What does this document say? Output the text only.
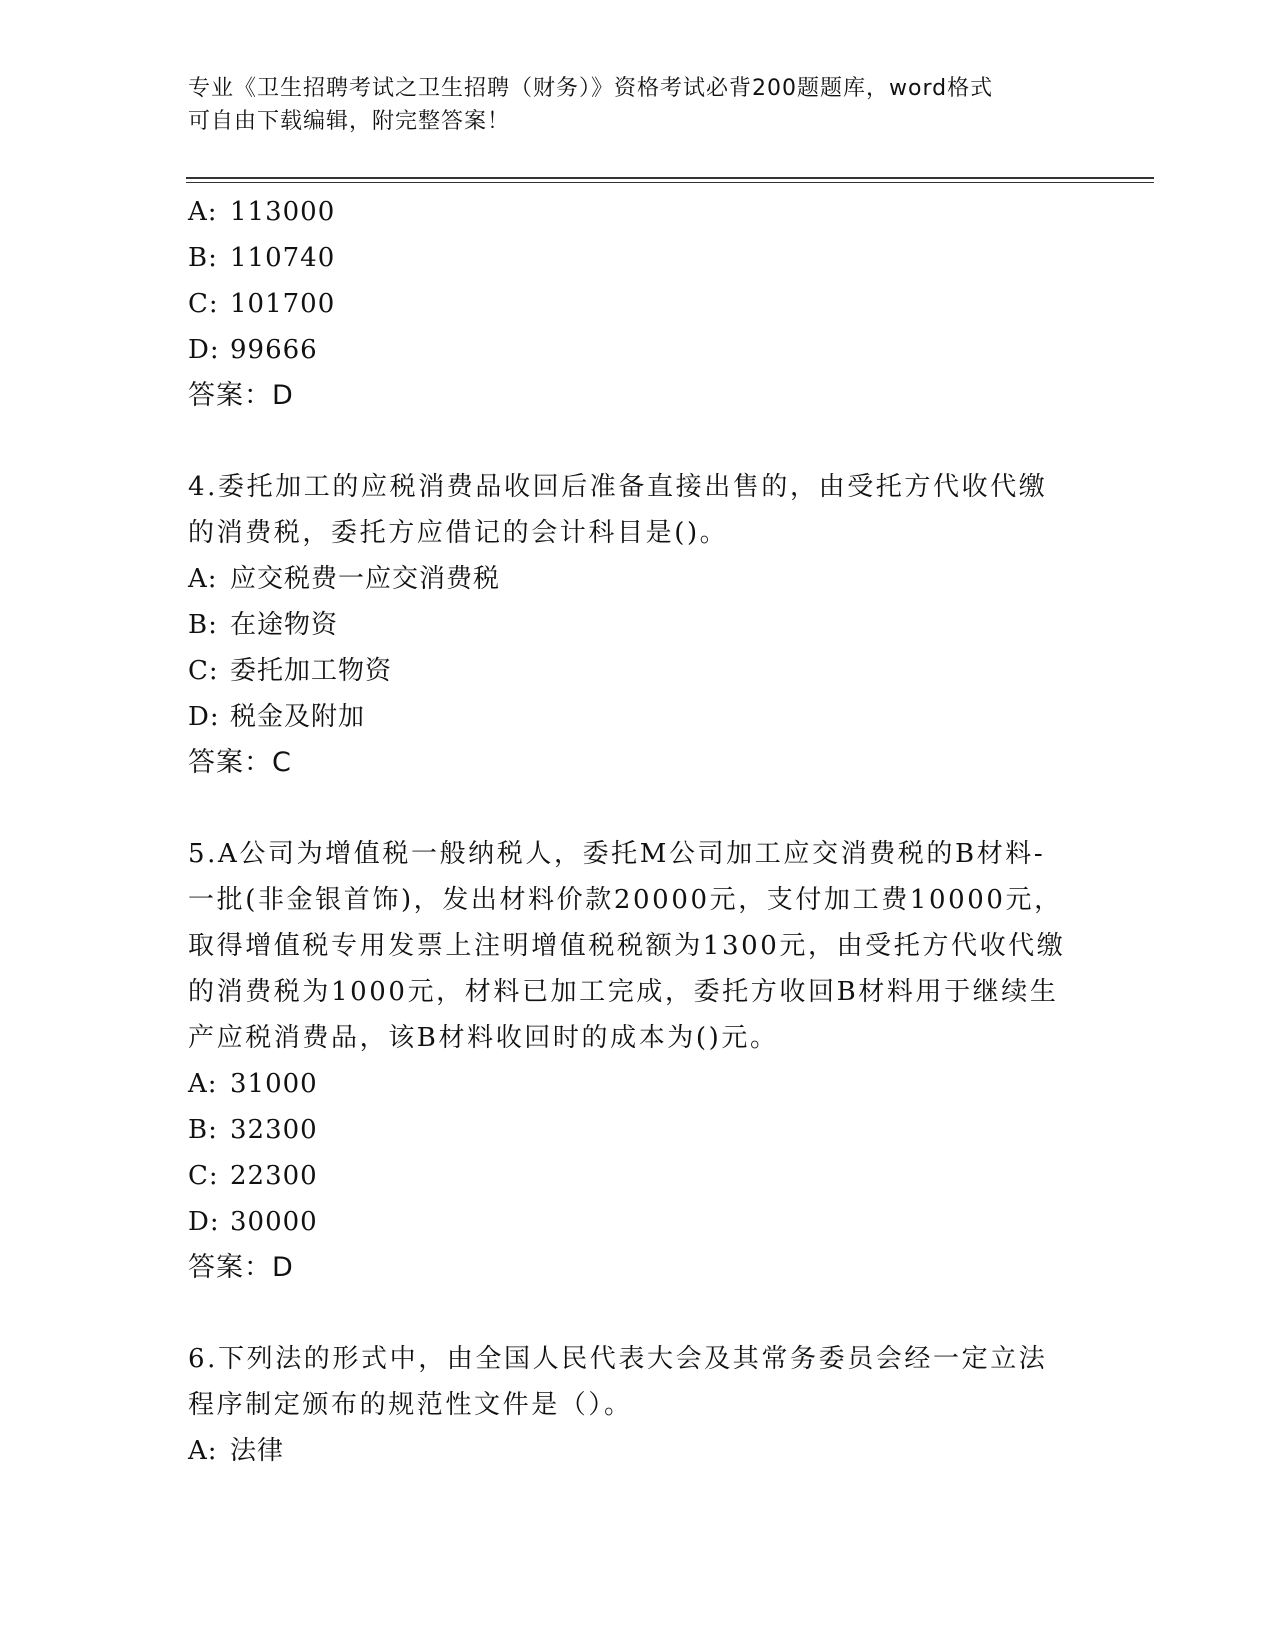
专业《卫生招聘考试之卫生招聘（财务）》资格考试必背200题题库，word格式
可自由下载编辑，附完整答案！
A: 113000
B: 110740
C: 101700
D: 99666
答案：D
4.委托加工的应税消费品收回后准备直接出售的，由受托方代收代缴
的消费税，委托方应借记的会计科目是()。
A: 应交税费一应交消费税
B: 在途物资
C: 委托加工物资
D: 税金及附加
答案：C
5.A公司为增值税一般纳税人，委托M公司加工应交消费税的B材料-
一批(非金银首饰)，发出材料价款20000元，支付加工费10000元，
取得增值税专用发票上注明增值税税额为1300元，由受托方代收代缴
的消费税为1000元，材料已加工完成，委托方收回B材料用于继续生
产应税消费品，该B材料收回时的成本为()元。
A: 31000
B: 32300
C: 22300
D: 30000
答案：D
6.下列法的形式中，由全国人民代表大会及其常务委员会经一定立法
程序制定颁布的规范性文件是（）。
A: 法律
